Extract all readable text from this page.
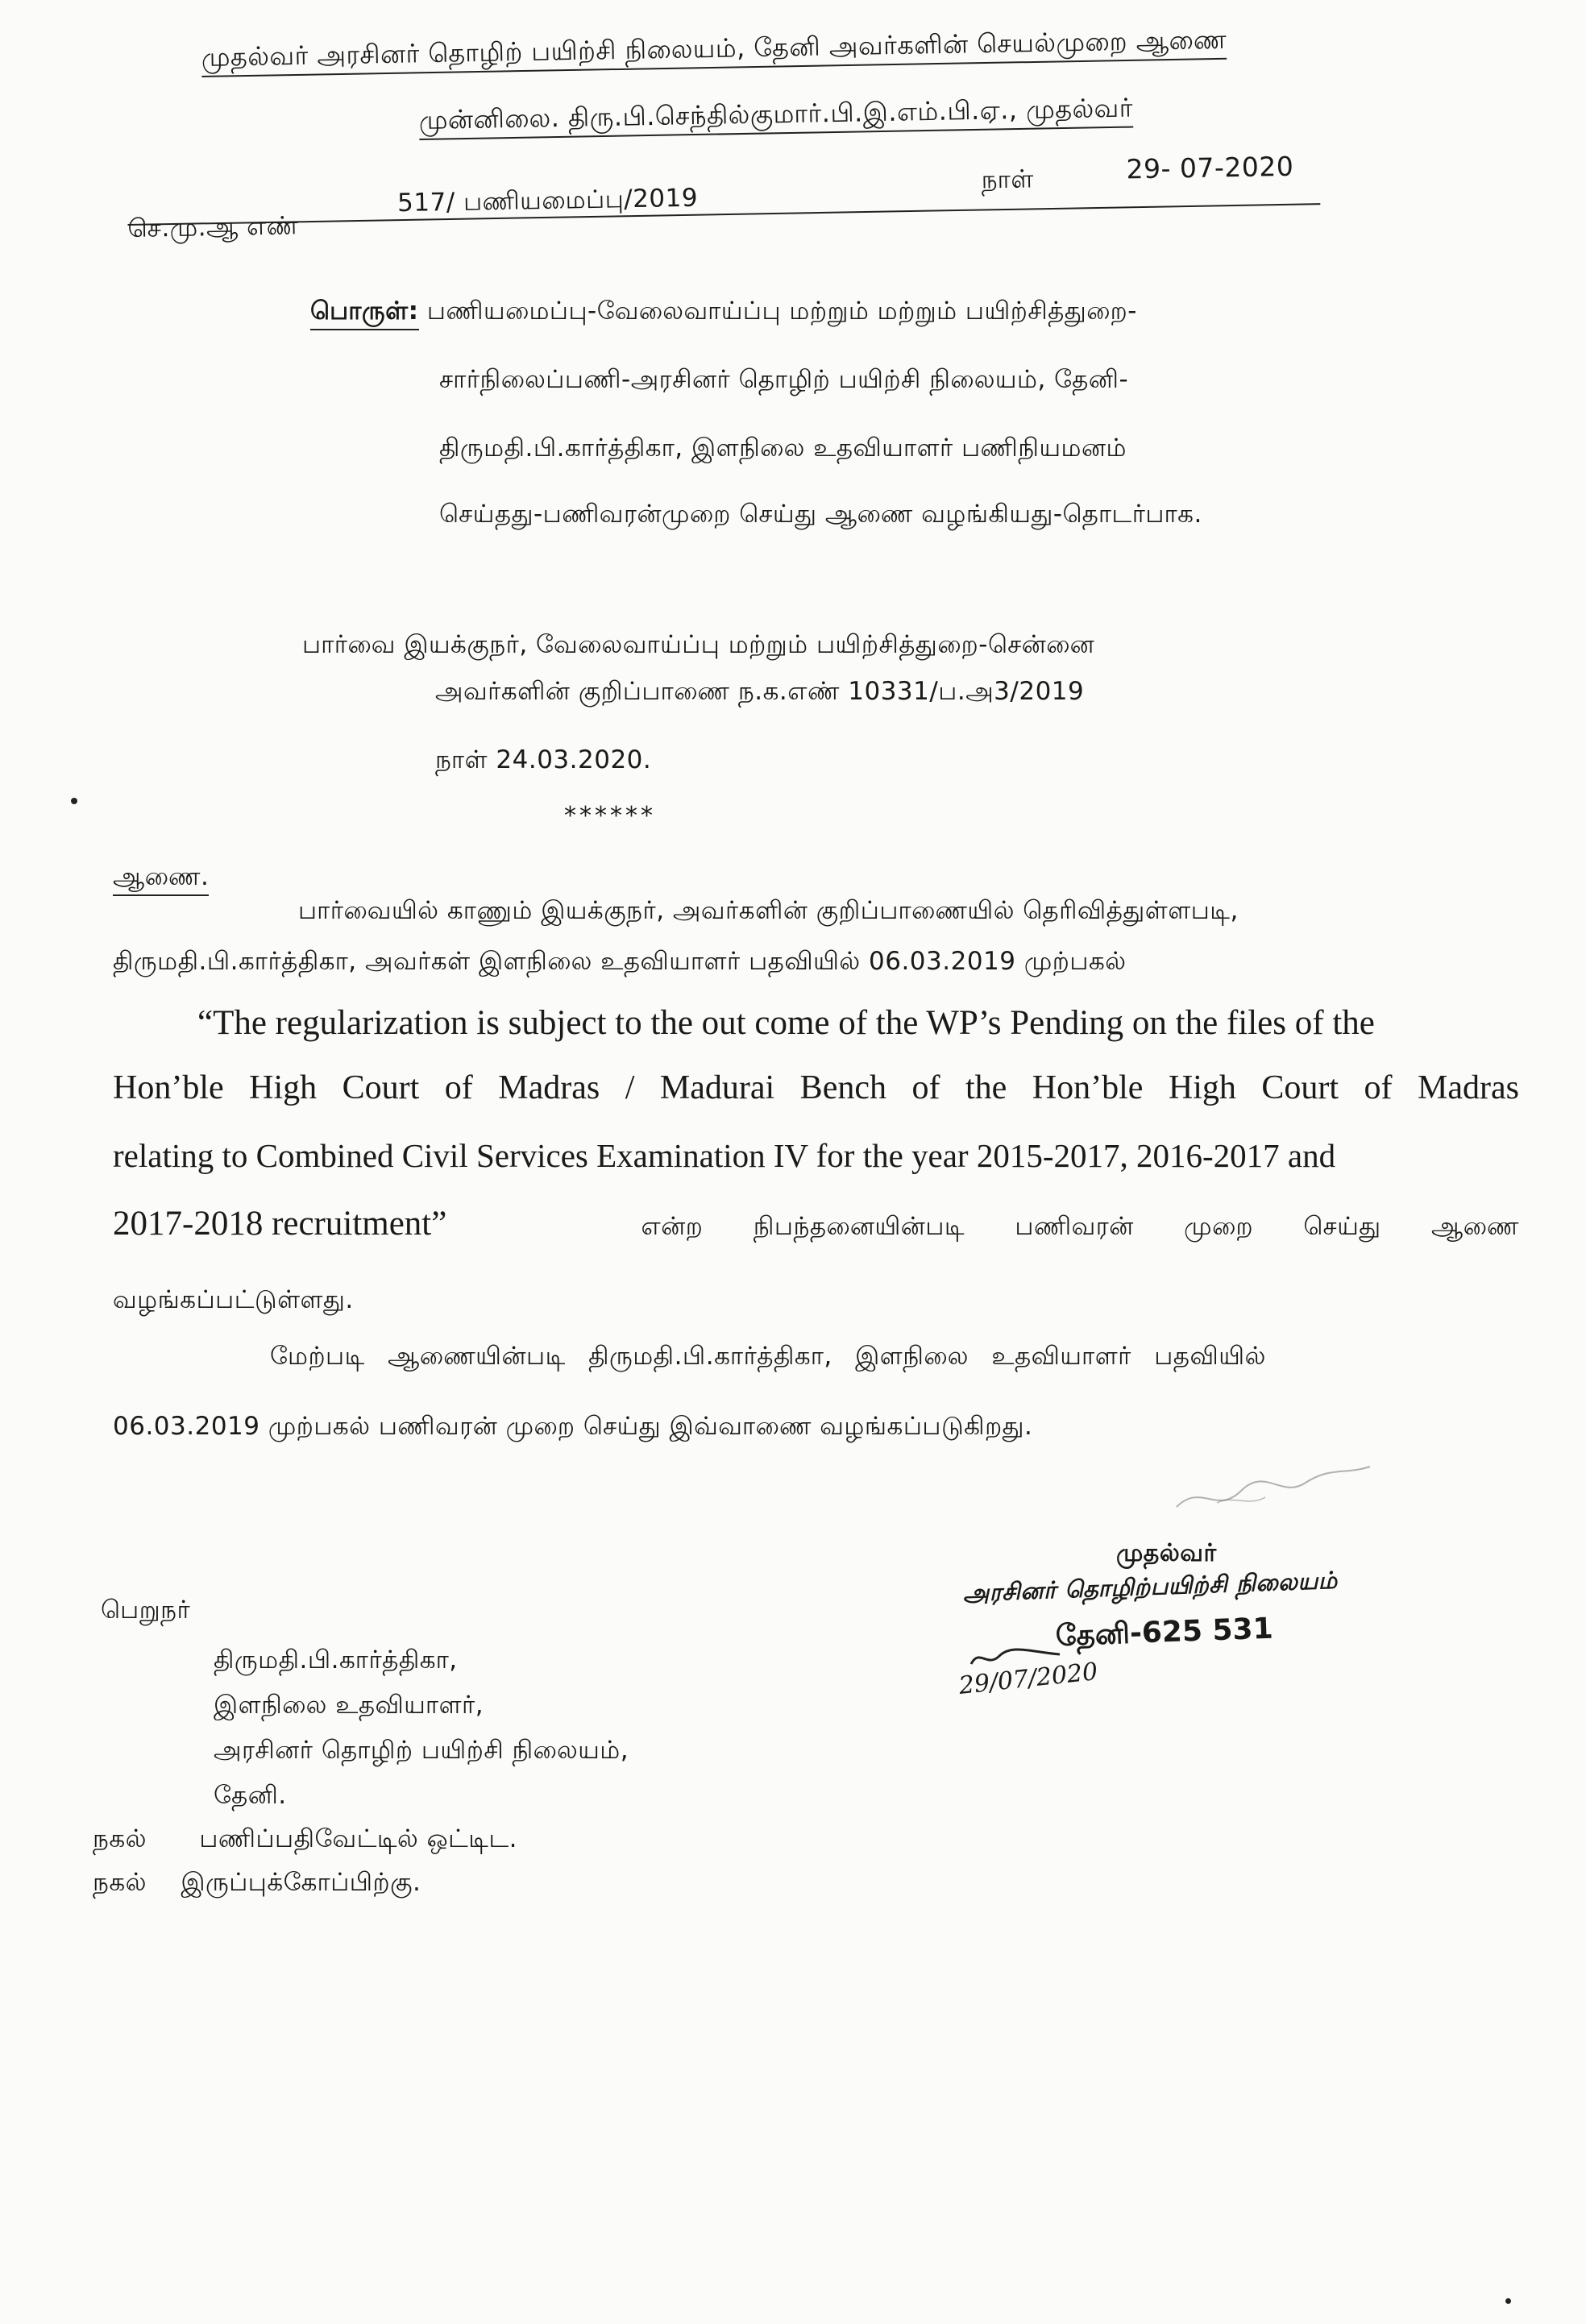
முதல்வர் அரசினர் தொழிற் பயிற்சி நிலையம், தேனி அவர்களின் செயல்முறை ஆணை
முன்னிலை. திரு.பி.செந்தில்குமார்.பி.இ.எம்.பி.ஏ., முதல்வர்
செ.மு.ஆ எண்
517/ பணியமைப்பு/2019
நாள்	29- 07-2020
பொருள்: பணியமைப்பு-வேலைவாய்ப்பு மற்றும் மற்றும் பயிற்சித்துறை-
சார்நிலைப்பணி-அரசினர் தொழிற் பயிற்சி நிலையம், தேனி-
திருமதி.பி.கார்த்திகா, இளநிலை உதவியாளர் பணிநியமனம்
செய்தது-பணிவரன்முறை செய்து ஆணை வழங்கியது-தொடர்பாக.
பார்வை இயக்குநர், வேலைவாய்ப்பு மற்றும் பயிற்சித்துறை-சென்னை
அவர்களின் குறிப்பாணை ந.க.எண் 10331/ப.அ3/2019
நாள் 24.03.2020.
******
ஆணை.
பார்வையில் காணும் இயக்குநர், அவர்களின் குறிப்பாணையில் தெரிவித்துள்ளபடி,
திருமதி.பி.கார்த்திகா, அவர்கள் இளநிலை உதவியாளர் பதவியில் 06.03.2019 முற்பகல்
“The regularization is subject to the out come of the WP’s Pending on the files of the
Hon’ble High Court of Madras / Madurai Bench of the Hon’ble High Court of Madras
relating to Combined Civil Services Examination IV for the year 2015-2017, 2016-2017 and
2017-2018 recruitment”	என்ற நிபந்தனையின்படி பணிவரன் முறை செய்து ஆணை
வழங்கப்பட்டுள்ளது.
மேற்படி ஆணையின்படி திருமதி.பி.கார்த்திகா, இளநிலை உதவியாளர் பதவியில்
06.03.2019 முற்பகல் பணிவரன் முறை செய்து இவ்வாணை வழங்கப்படுகிறது.
முதல்வர்
அரசினர் தொழிற்பயிற்சி நிலையம்
தேனி-625 531
29/07/2020
பெறுநர்
திருமதி.பி.கார்த்திகா,
இளநிலை உதவியாளர்,
அரசினர் தொழிற் பயிற்சி நிலையம்,
தேனி.
நகல் பணிப்பதிவேட்டில் ஒட்டிட.
நகல் இருப்புக்கோப்பிற்கு.
